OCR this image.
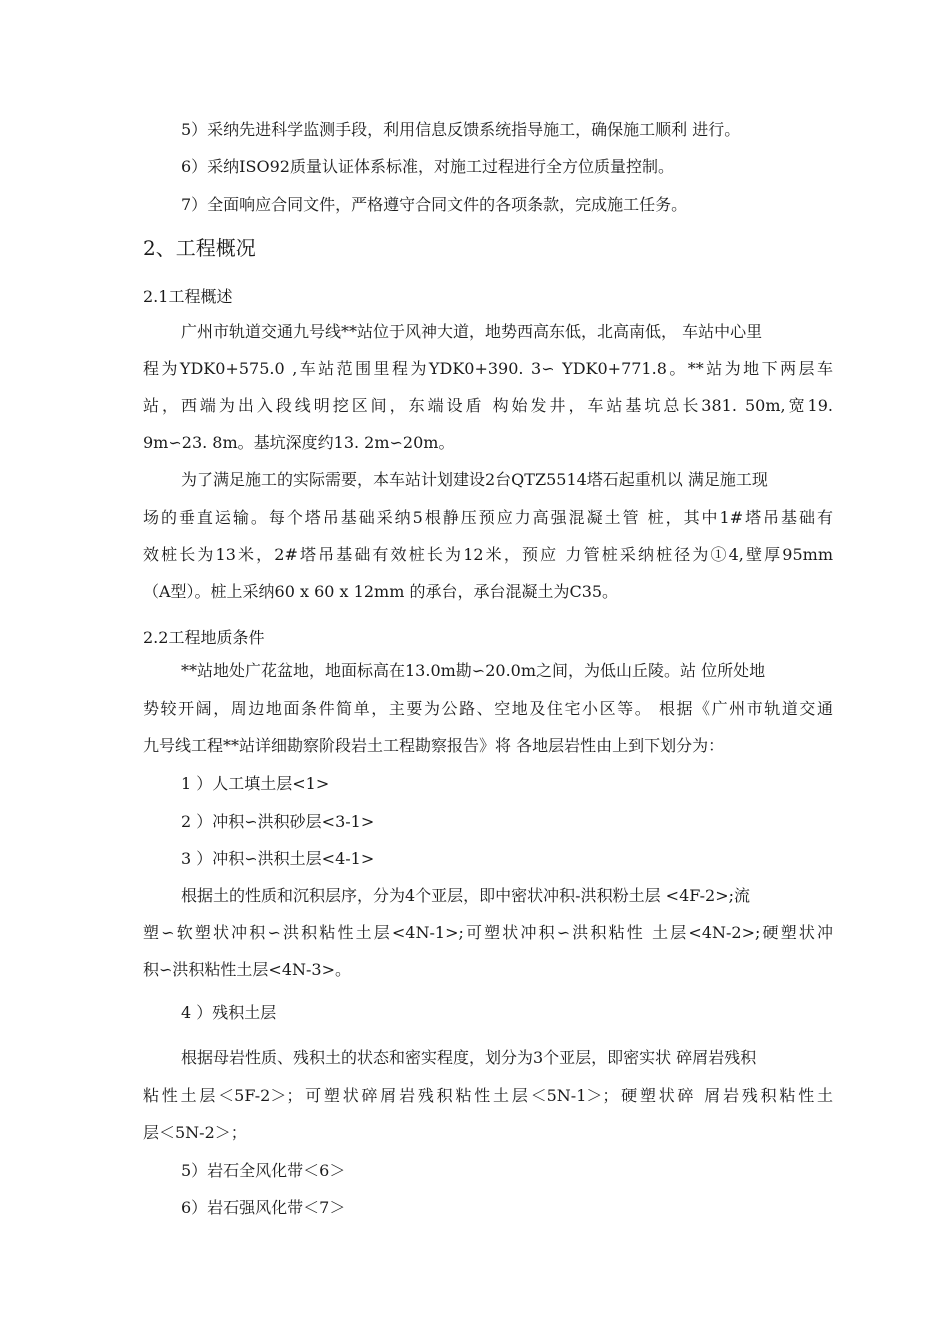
5）采纳先进科学监测手段，利用信息反馈系统指导施工，确保施工顺利 进行。
6）采纳ISO92质量认证体系标准，对施工过程进行全方位质量控制。
7）全面响应合同文件，严格遵守合同文件的各项条款，完成施工任务。
2、工程概况
2.1工程概述
广州市轨道交通九号线**站位于风神大道，地势西高东低，北高南低， 车站中心里
程为YDK0+575.0 ,车站范围里程为YDK0+390. 3∽ YDK0+771.8。**站为地下两层车
站，西端为出入段线明挖区间，东端设盾 构始发井，车站基坑总长381. 50m,宽19.
9m∽23. 8m。基坑深度约13. 2m∽20m。
为了满足施工的实际需要，本车站计划建设2台QTZ5514塔石起重机以 满足施工现
场的垂直运输。每个塔吊基础采纳5根静压预应力高强混凝土管 桩，其中1#塔吊基础有
效桩长为13米，2#塔吊基础有效桩长为12米，预应 力管桩采纳桩径为①4,壁厚95mm
（A型）。桩上采纳60 x 60 x 12mm 的承台，承台混凝土为C35。
2.2工程地质条件
**站地处广花盆地，地面标高在13.0m勘∽20.0m之间，为低山丘陵。站 位所处地
势较开阔，周边地面条件简单，主要为公路、空地及住宅小区等。 根据《广州市轨道交通
九号线工程**站详细勘察阶段岩土工程勘察报告》将 各地层岩性由上到下划分为：
1 ）人工填土层<1>
2 ）冲积∽洪积砂层<3-1>
3 ）冲积∽洪积土层<4-1>
根据土的性质和沉积层序，分为4个亚层，即中密状冲积-洪积粉土层 <4F-2>;流
塑∽软塑状冲积∽洪积粘性土层<4N-1>;可塑状冲积∽洪积粘性 土层<4N-2>;硬塑状冲
积∽洪积粘性土层<4N-3>。
4 ）残积土层
根据母岩性质、残积土的状态和密实程度，划分为3个亚层，即密实状 碎屑岩残积
粘性土层＜5F-2＞；可塑状碎屑岩残积粘性土层＜5N-1＞；硬塑状碎 屑岩残积粘性土
层＜5N-2＞；
5）岩石全风化带＜6＞
6）岩石强风化带＜7＞
